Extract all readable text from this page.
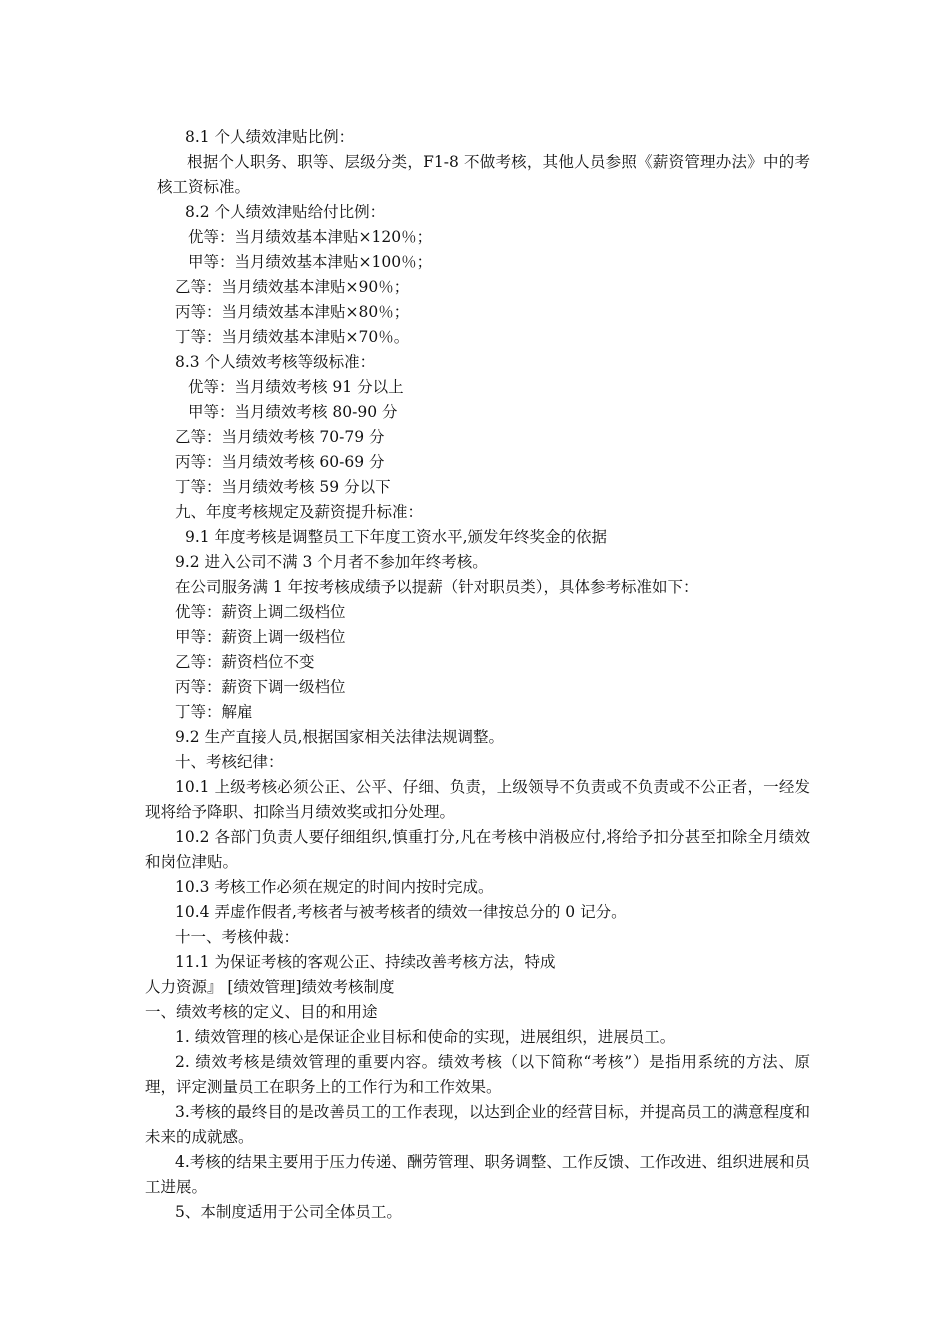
8.1 个人绩效津贴比例：
根据个人职务、职等、层级分类，F1-8 不做考核，其他人员参照《薪资管理办法》中的考核工资标准。
8.2 个人绩效津贴给付比例：
优等：当月绩效基本津贴×120％；
甲等：当月绩效基本津贴×100％；
乙等：当月绩效基本津贴×90％；
丙等：当月绩效基本津贴×80％；
丁等：当月绩效基本津贴×70％。
8.3 个人绩效考核等级标准：
优等：当月绩效考核 91 分以上
甲等：当月绩效考核 80-90 分
乙等：当月绩效考核 70-79 分
丙等：当月绩效考核 60-69 分
丁等：当月绩效考核 59 分以下
九、年度考核规定及薪资提升标准：
9.1 年度考核是调整员工下年度工资水平,颁发年终奖金的依据
9.2 进入公司不满 3 个月者不参加年终考核。
在公司服务满 1 年按考核成绩予以提薪（针对职员类），具体参考标准如下：
优等：薪资上调二级档位
甲等：薪资上调一级档位
乙等：薪资档位不变
丙等：薪资下调一级档位
丁等：解雇
9.2 生产直接人员,根据国家相关法律法规调整。
十、考核纪律：
10.1 上级考核必须公正、公平、仔细、负责，上级领导不负责或不负责或不公正者，一经发现将给予降职、扣除当月绩效奖或扣分处理。
10.2 各部门负责人要仔细组织,慎重打分,凡在考核中消极应付,将给予扣分甚至扣除全月绩效和岗位津贴。
10.3 考核工作必须在规定的时间内按时完成。
10.4 弄虚作假者,考核者与被考核者的绩效一律按总分的 0 记分。
十一、考核仲裁：
11.1 为保证考核的客观公正、持续改善考核方法，特成
人力资源』 [绩效管理]绩效考核制度
一、绩效考核的定义、目的和用途
1. 绩效管理的核心是保证企业目标和使命的实现，进展组织，进展员工。
2. 绩效考核是绩效管理的重要内容。绩效考核（以下简称“考核”）是指用系统的方法、原理，评定测量员工在职务上的工作行为和工作效果。
3.考核的最终目的是改善员工的工作表现，以达到企业的经营目标，并提高员工的满意程度和未来的成就感。
4.考核的结果主要用于压力传递、酬劳管理、职务调整、工作反馈、工作改进、组织进展和员工进展。
5、本制度适用于公司全体员工。
